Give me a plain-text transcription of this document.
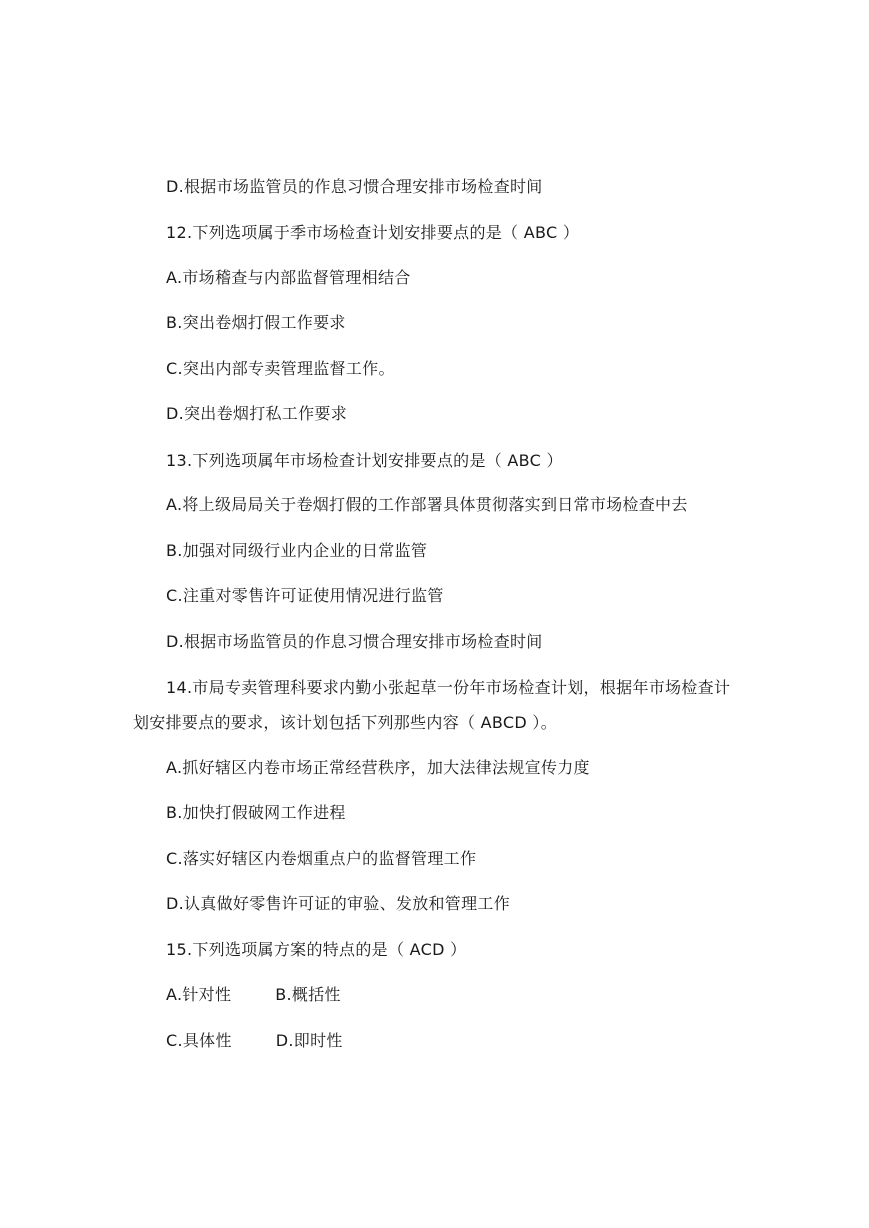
D.根据市场监管员的作息习惯合理安排市场检查时间
12.下列选项属于季市场检查计划安排要点的是（ ABC ）
A.市场稽查与内部监督管理相结合
B.突出卷烟打假工作要求
C.突出内部专卖管理监督工作。
D.突出卷烟打私工作要求
13.下列选项属年市场检查计划安排要点的是（ ABC ）
A.将上级局局关于卷烟打假的工作部署具体贯彻落实到日常市场检查中去
B.加强对同级行业内企业的日常监管
C.注重对零售许可证使用情况进行监管
D.根据市场监管员的作息习惯合理安排市场检查时间
14.市局专卖管理科要求内勤小张起草一份年市场检查计划，根据年市场检查计划安排要点的要求，该计划包括下列那些内容（ ABCD ）。
A.抓好辖区内卷市场正常经营秩序，加大法律法规宣传力度
B.加快打假破网工作进程
C.落实好辖区内卷烟重点户的监督管理工作
D.认真做好零售许可证的审验、发放和管理工作
15.下列选项属方案的特点的是（ ACD ）
A.针对性	B.概括性
C.具体性	D.即时性
